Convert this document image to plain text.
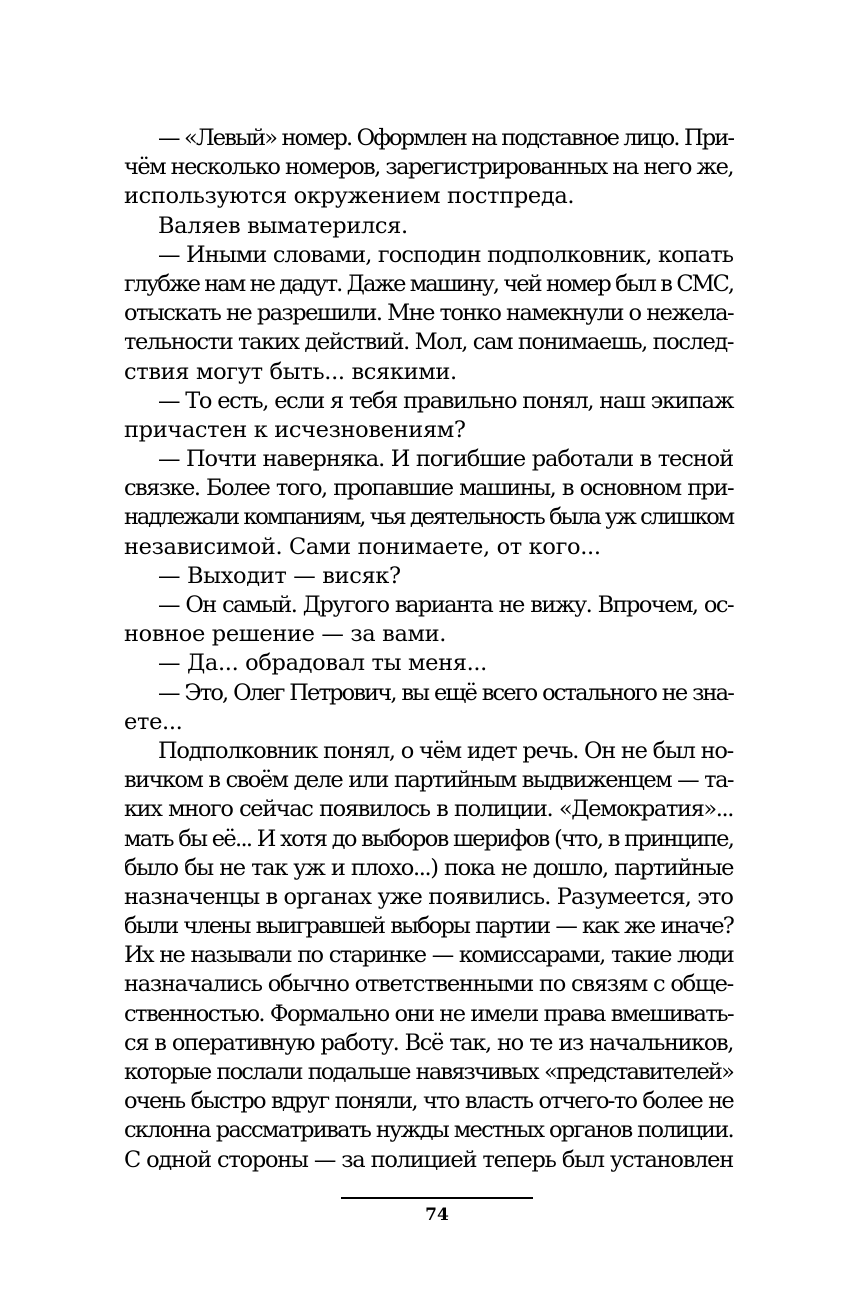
— «Левый» номер. Оформлен на подставное лицо. При-
чём несколько номеров, зарегистрированных на него же,
используются окружением постпреда.
Валяев выматерился.
— Иными словами, господин подполковник, копать
глубже нам не дадут. Даже машину, чей номер был в СМС,
отыскать не разрешили. Мне тонко намекнули о нежела-
тельности таких действий. Мол, сам понимаешь, послед-
ствия могут быть... всякими.
— То есть, если я тебя правильно понял, наш экипаж
причастен к исчезновениям?
— Почти наверняка. И погибшие работали в тесной
связке. Более того, пропавшие машины, в основном при-
надлежали компаниям, чья деятельность была уж слишком
независимой. Сами понимаете, от кого...
— Выходит — висяк?
— Он самый. Другого варианта не вижу. Впрочем, ос-
новное решение — за вами.
— Да... обрадовал ты меня...
— Это, Олег Петрович, вы ещё всего остального не зна-
ете...
Подполковник понял, о чём идет речь. Он не был но-
вичком в своём деле или партийным выдвиженцем — та-
ких много сейчас появилось в полиции. «Демократия»...
мать бы её... И хотя до выборов шерифов (что, в принципе,
было бы не так уж и плохо...) пока не дошло, партийные
назначенцы в органах уже появились. Разумеется, это
были члены выигравшей выборы партии — как же иначе?
Их не называли по старинке — комиссарами, такие люди
назначались обычно ответственными по связям с обще-
ственностью. Формально они не имели права вмешивать-
ся в оперативную работу. Всё так, но те из начальников,
которые послали подальше навязчивых «представителей»
очень быстро вдруг поняли, что власть отчего-то более не
склонна рассматривать нужды местных органов полиции.
С одной стороны — за полицией теперь был установлен
74
